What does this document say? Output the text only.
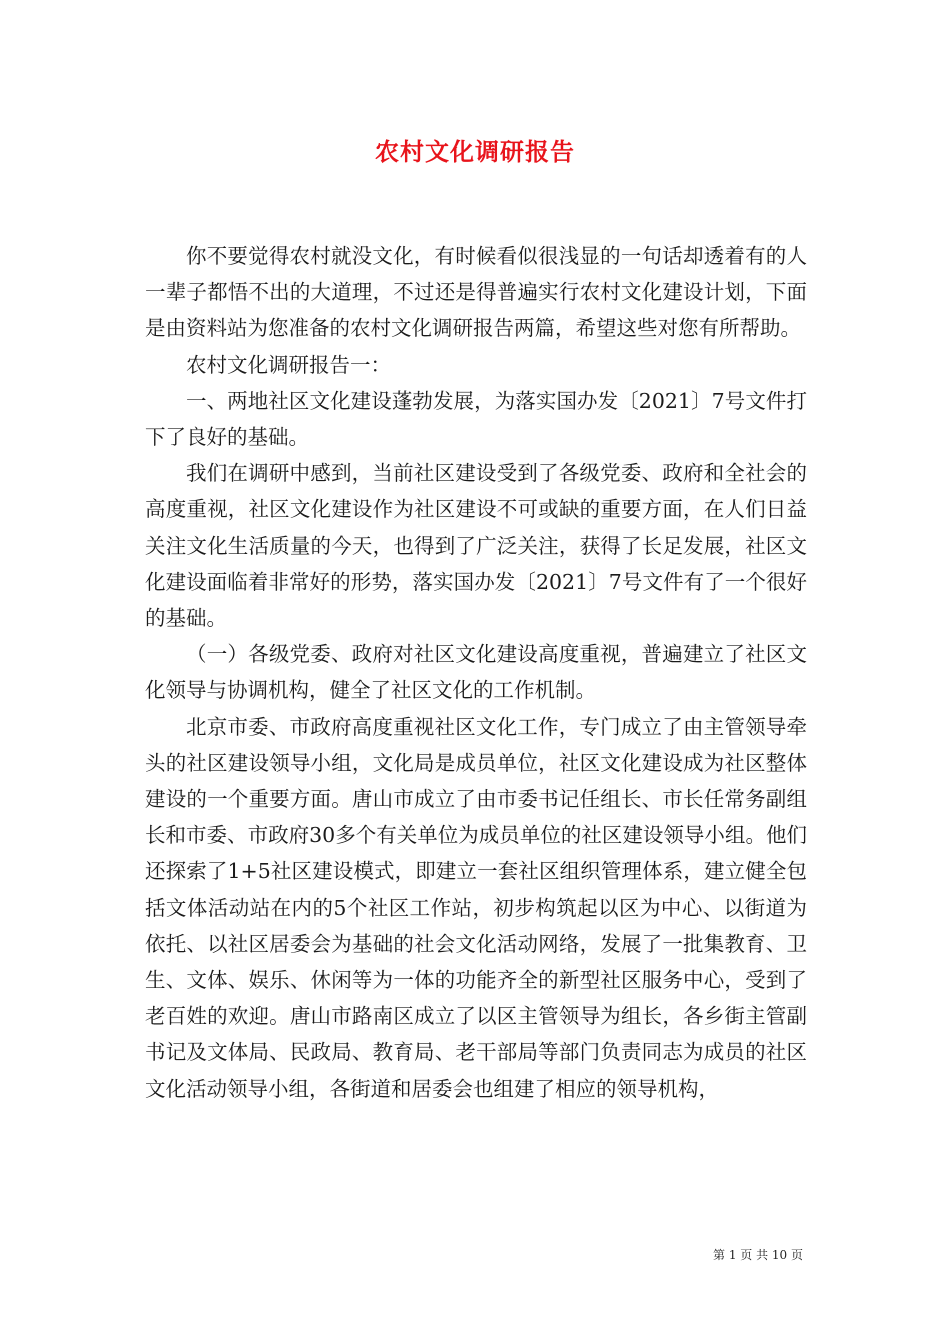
农村文化调研报告

你不要觉得农村就没文化，有时候看似很浅显的一句话却透着有的人一辈子都悟不出的大道理，不过还是得普遍实行农村文化建设计划，下面是由资料站为您准备的农村文化调研报告两篇，希望这些对您有所帮助。

农村文化调研报告一：

一、两地社区文化建设蓬勃发展，为落实国办发〔2021〕7号文件打下了良好的基础。

我们在调研中感到，当前社区建设受到了各级党委、政府和全社会的高度重视，社区文化建设作为社区建设不可或缺的重要方面，在人们日益关注文化生活质量的今天，也得到了广泛关注，获得了长足发展，社区文化建设面临着非常好的形势，落实国办发〔2021〕7号文件有了一个很好的基础。

（一）各级党委、政府对社区文化建设高度重视，普遍建立了社区文化领导与协调机构，健全了社区文化的工作机制。

北京市委、市政府高度重视社区文化工作，专门成立了由主管领导牵头的社区建设领导小组，文化局是成员单位，社区文化建设成为社区整体建设的一个重要方面。唐山市成立了由市委书记任组长、市长任常务副组长和市委、市政府30多个有关单位为成员单位的社区建设领导小组。他们还探索了1+5社区建设模式，即建立一套社区组织管理体系，建立健全包括文体活动站在内的5个社区工作站，初步构筑起以区为中心、以街道为依托、以社区居委会为基础的社会文化活动网络，发展了一批集教育、卫生、文体、娱乐、休闲等为一体的功能齐全的新型社区服务中心，受到了老百姓的欢迎。唐山市路南区成立了以区主管领导为组长，各乡街主管副书记及文体局、民政局、教育局、老干部局等部门负责同志为成员的社区文化活动领导小组，各街道和居委会也组建了相应的领导机构，

第 1 页 共 10 页
